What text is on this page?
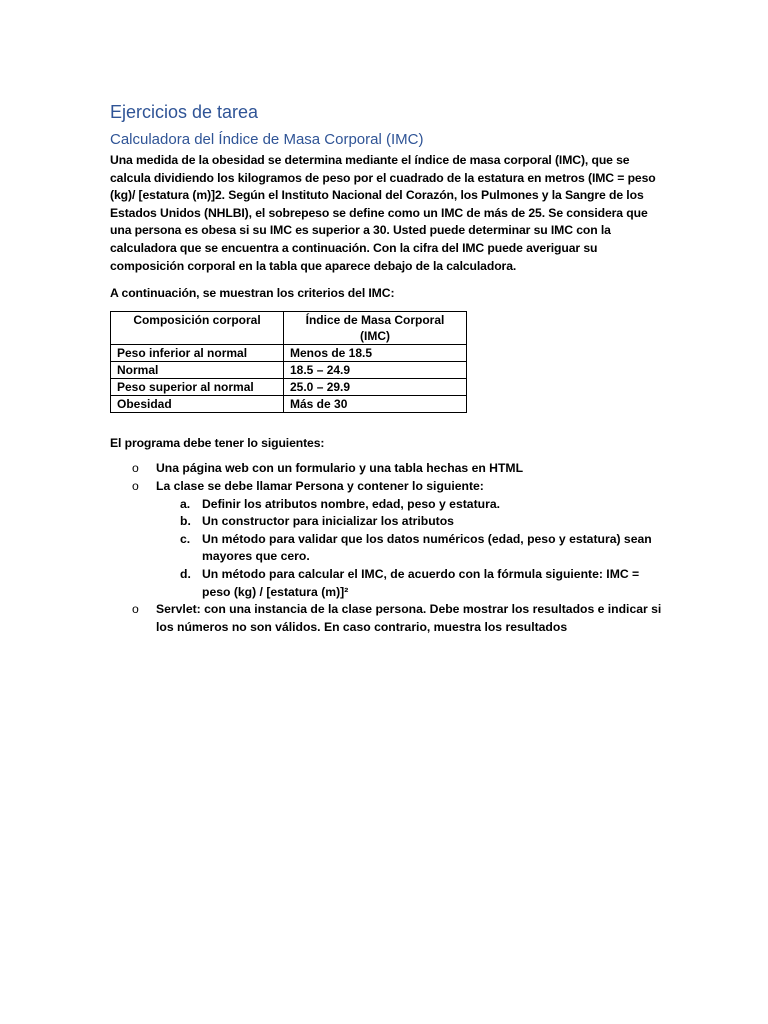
Ejercicios de tarea
Calculadora del Índice de Masa Corporal (IMC)

Una medida de la obesidad se determina mediante el índice de masa corporal (IMC), que se calcula dividiendo los kilogramos de peso por el cuadrado de la estatura en metros (IMC = peso (kg)/ [estatura (m)]2. Según el Instituto Nacional del Corazón, los Pulmones y la Sangre de los Estados Unidos (NHLBI), el sobrepeso se define como un IMC de más de 25. Se considera que una persona es obesa si su IMC es superior a 30. Usted puede determinar su IMC con la calculadora que se encuentra a continuación. Con la cifra del IMC puede averiguar su composición corporal en la tabla que aparece debajo de la calculadora.

A continuación, se muestran los criterios del IMC:

Composición corporal	Índice de Masa Corporal (IMC)
Peso inferior al normal	Menos de 18.5
Normal	18.5 – 24.9
Peso superior al normal	25.0 – 29.9
Obesidad	Más de 30

El programa debe tener lo siguientes:

o Una página web con un formulario y una tabla hechas en HTML
o La clase se debe llamar Persona y contener lo siguiente:
a. Definir los atributos nombre, edad, peso y estatura.
b. Un constructor para inicializar los atributos
c. Un método para validar que los datos numéricos (edad, peso y estatura) sean mayores que cero.
d. Un método para calcular el IMC, de acuerdo con la fórmula siguiente: IMC = peso (kg) / [estatura (m)]²
o Servlet: con una instancia de la clase persona. Debe mostrar los resultados e indicar si los números no son válidos. En caso contrario, muestra los resultados
